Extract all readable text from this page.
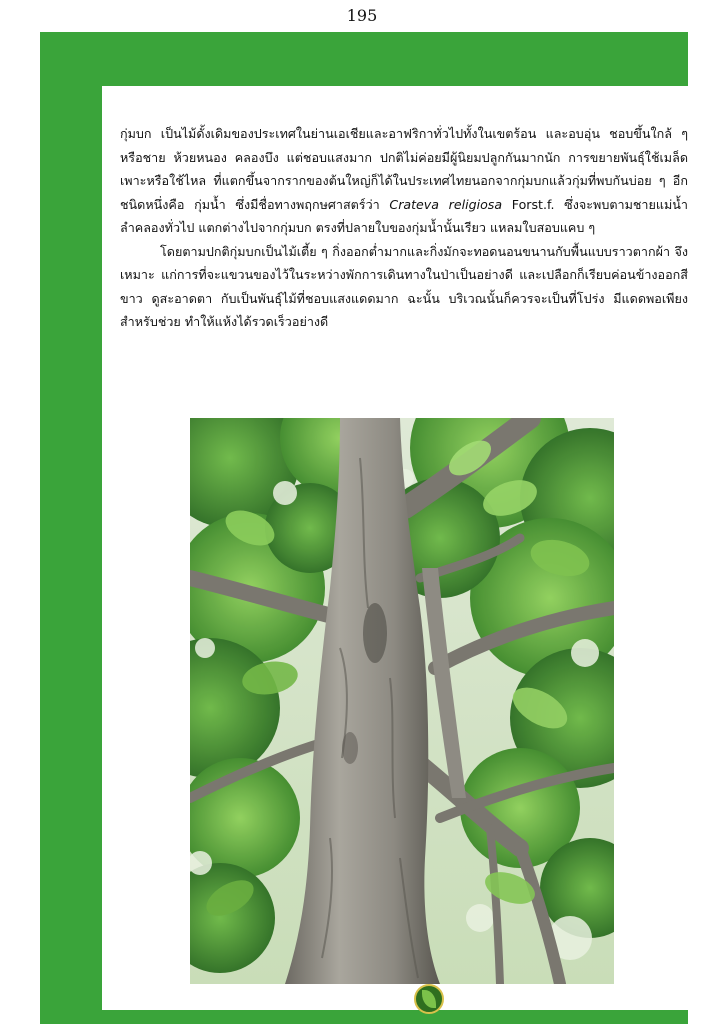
195

กุ่มบก เป็นไม้ดั้งเดิมของประเทศในย่านเอเชียและอาฟริกาทั่วไปทั้งในเขตร้อน และอบอุ่น ชอบขึ้นใกล้ ๆ หรือชาย ห้วยหนอง คลองบึง แต่ชอบแสงมาก ปกติไม่ค่อยมีผู้นิยมปลูกกันมากนัก การขยายพันธุ์ใช้เมล็ดเพาะหรือใช้ไหล ที่แตกขึ้นจากรากของต้นใหญ่ก็ได้ในประเทศไทยนอกจากกุ่มบกแล้วกุ่มที่พบกันบ่อย ๆ อีกชนิดหนึ่งคือ กุ่มน้ำ ซึ่งมีชื่อทางพฤกษศาสตร์ว่า Crateva religiosa Forst.f. ซึ่งจะพบตามชายแม่น้ำลำคลองทั่วไป แตกต่างไปจากกุ่มบก ตรงที่ปลายใบของกุ่มน้ำนั้นเรียว แหลมใบสอบแคบ ๆ

โดยตามปกติกุ่มบกเป็นไม้เตี้ย ๆ กิ่งออกต่ำมากและกิ่งมักจะทอดนอนขนานกับพื้นแบบราวตากผ้า จึงเหมาะ แก่การที่จะแขวนของไว้ในระหว่างพักการเดินทางในป่าเป็นอย่างดี และเปลือกก็เรียบค่อนข้างออกสีขาว ดูสะอาดตา กับเป็นพันธุ์ไม้ที่ชอบแสงแดดมาก ฉะนั้น บริเวณนั้นก็ควรจะเป็นที่โปร่ง มีแดดพอเพียงสำหรับช่วย ทำให้แห้งได้รวดเร็วอย่างดี

สวนเพาะชำกล้าไม้ สำนักส่งเสริมการปลูกป่า
